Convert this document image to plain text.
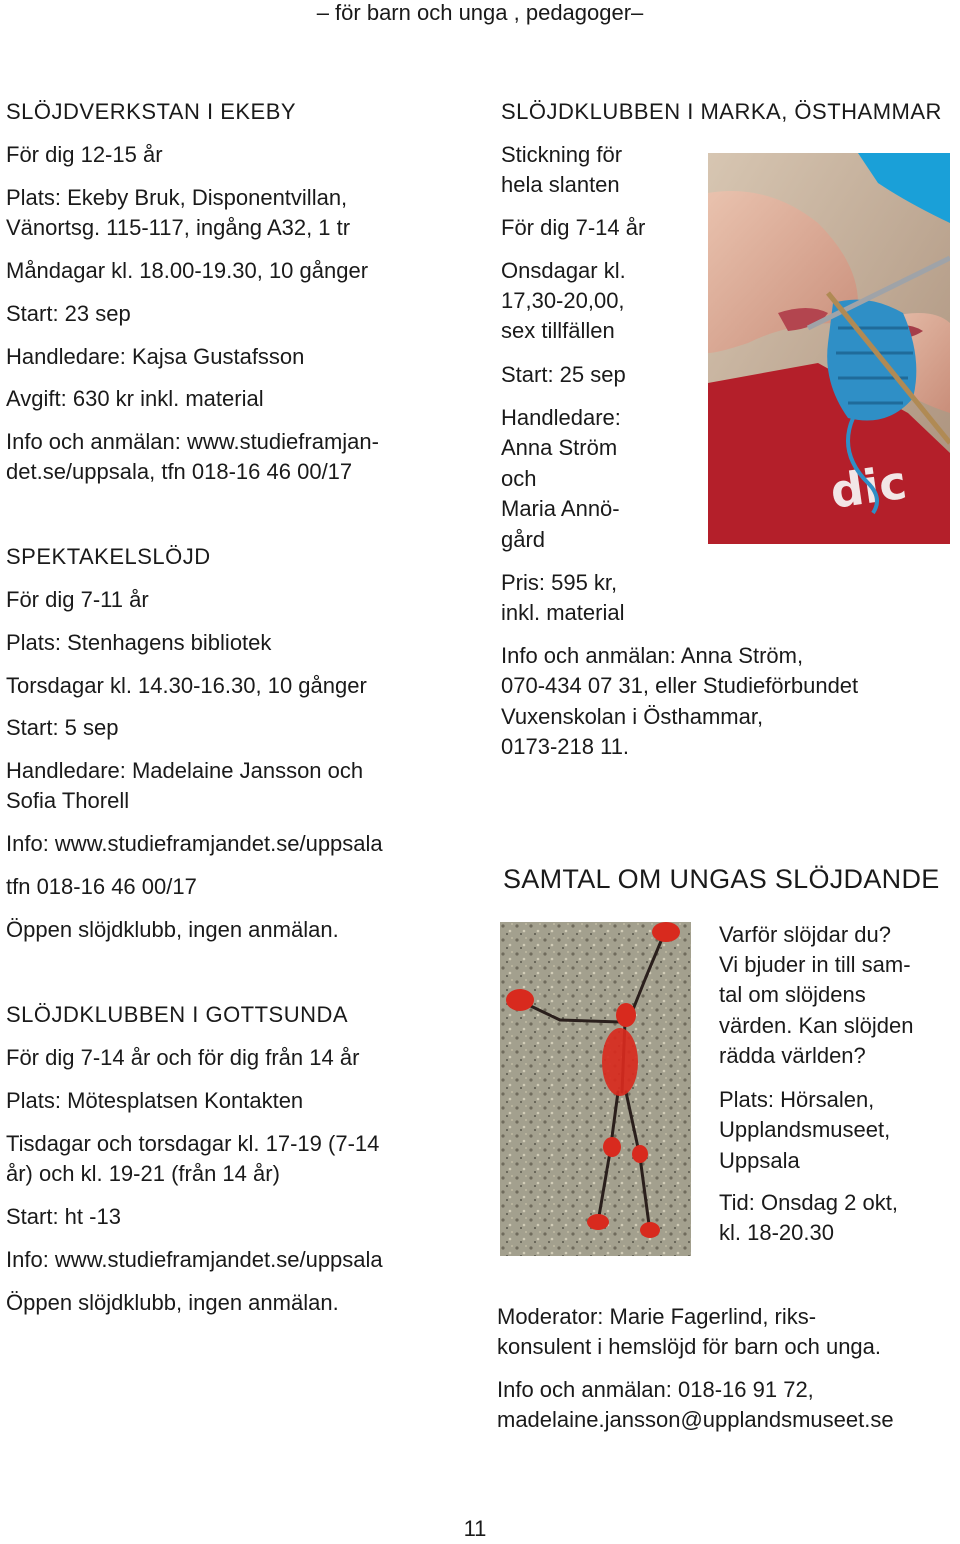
– för barn och unga , pedagoger–
SLÖJDVERKSTAN I EKEBY
För dig 12-15 år
Plats: Ekeby Bruk, Disponentvillan,
Vänortsg. 115-117, ingång A32, 1 tr
Måndagar kl. 18.00-19.30, 10 gånger
Start: 23 sep
Handledare: Kajsa Gustafsson
Avgift: 630 kr inkl. material
Info och anmälan: www.studieframjan-
det.se/uppsala, tfn 018-16 46 00/17
SPEKTAKELSLÖJD
För dig 7-11 år
Plats: Stenhagens bibliotek
Torsdagar kl. 14.30-16.30, 10 gånger
Start: 5 sep
Handledare: Madelaine Jansson och
Sofia Thorell
Info: www.studieframjandet.se/uppsala
tfn 018-16 46 00/17
Öppen slöjdklubb, ingen anmälan.
SLÖJDKLUBBEN I GOTTSUNDA
För dig 7-14 år och för dig från 14 år
Plats: Mötesplatsen Kontakten
Tisdagar och torsdagar kl. 17-19 (7-14
år) och kl. 19-21 (från 14 år)
Start: ht -13
Info: www.studieframjandet.se/uppsala
Öppen slöjdklubb, ingen anmälan.
SLÖJDKLUBBEN I MARKA, ÖSTHAMMAR
Stickning för
hela slanten
För dig 7-14 år
Onsdagar kl.
17,30-20,00,
sex tillfällen
Start: 25 sep
Handledare:
Anna Ström
och
Maria Annö-
gård
Pris: 595 kr,
inkl. material
Info och anmälan: Anna Ström,
070-434 07 31, eller Studieförbundet
Vuxenskolan i Östhammar,
0173-218 11.
dic
SAMTAL OM UNGAS SLÖJDANDE
Varför slöjdar du?
Vi bjuder in till sam-
tal om slöjdens
värden. Kan slöjden
rädda världen?
Plats: Hörsalen,
Upplandsmuseet,
Uppsala
Tid: Onsdag 2 okt,
kl. 18-20.30
Moderator: Marie Fagerlind, riks-
konsulent i hemslöjd för barn och unga.
Info och anmälan: 018-16 91 72,
madelaine.jansson@upplandsmuseet.se
11
